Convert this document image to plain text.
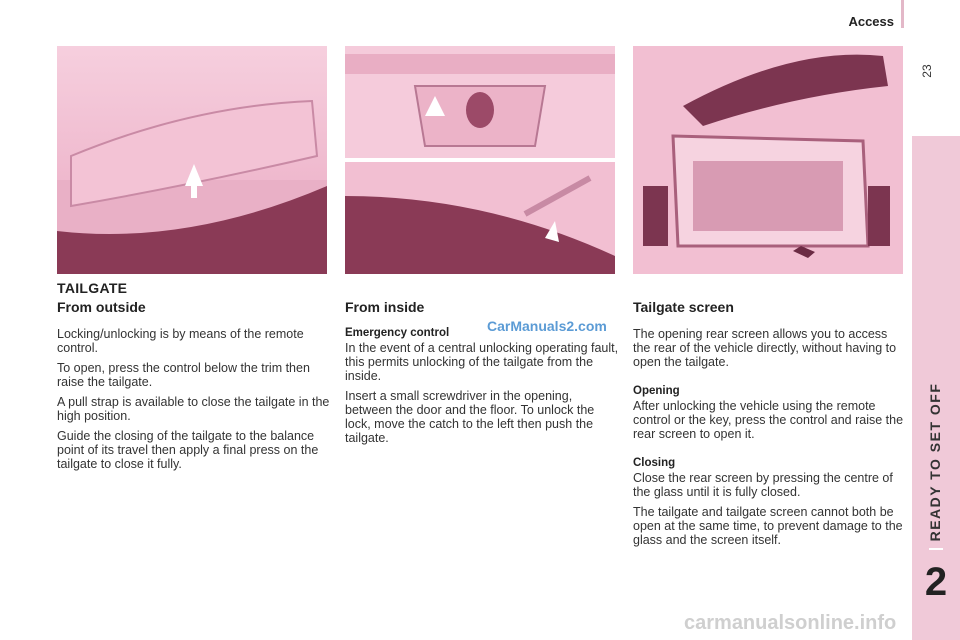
Access
23
READY TO SET OFF
2
TAILGATE
From outside

Locking/unlocking is by means of the remote control.

To open, press the control below the trim then raise the tailgate.

A pull strap is available to close the tailgate in the high position.

Guide the closing of the tailgate to the balance point of its travel then apply a final press on the tailgate to close it fully.

From inside
Emergency control

In the event of a central unlocking operating fault, this permits unlocking of the tailgate from the inside.

Insert a small screwdriver in the opening, between the door and the floor. To unlock the lock, move the catch to the left then push the tailgate.

Tailgate screen

The opening rear screen allows you to access the rear of the vehicle directly, without having to open the tailgate.

Opening

After unlocking the vehicle using the remote control or the key, press the control and raise the rear screen to open it.

Closing

Close the rear screen by pressing the centre of the glass until it is fully closed.

The tailgate and tailgate screen cannot both be open at the same time, to prevent damage to the glass and the screen itself.

CarManuals2.com
carmanualsonline.info
